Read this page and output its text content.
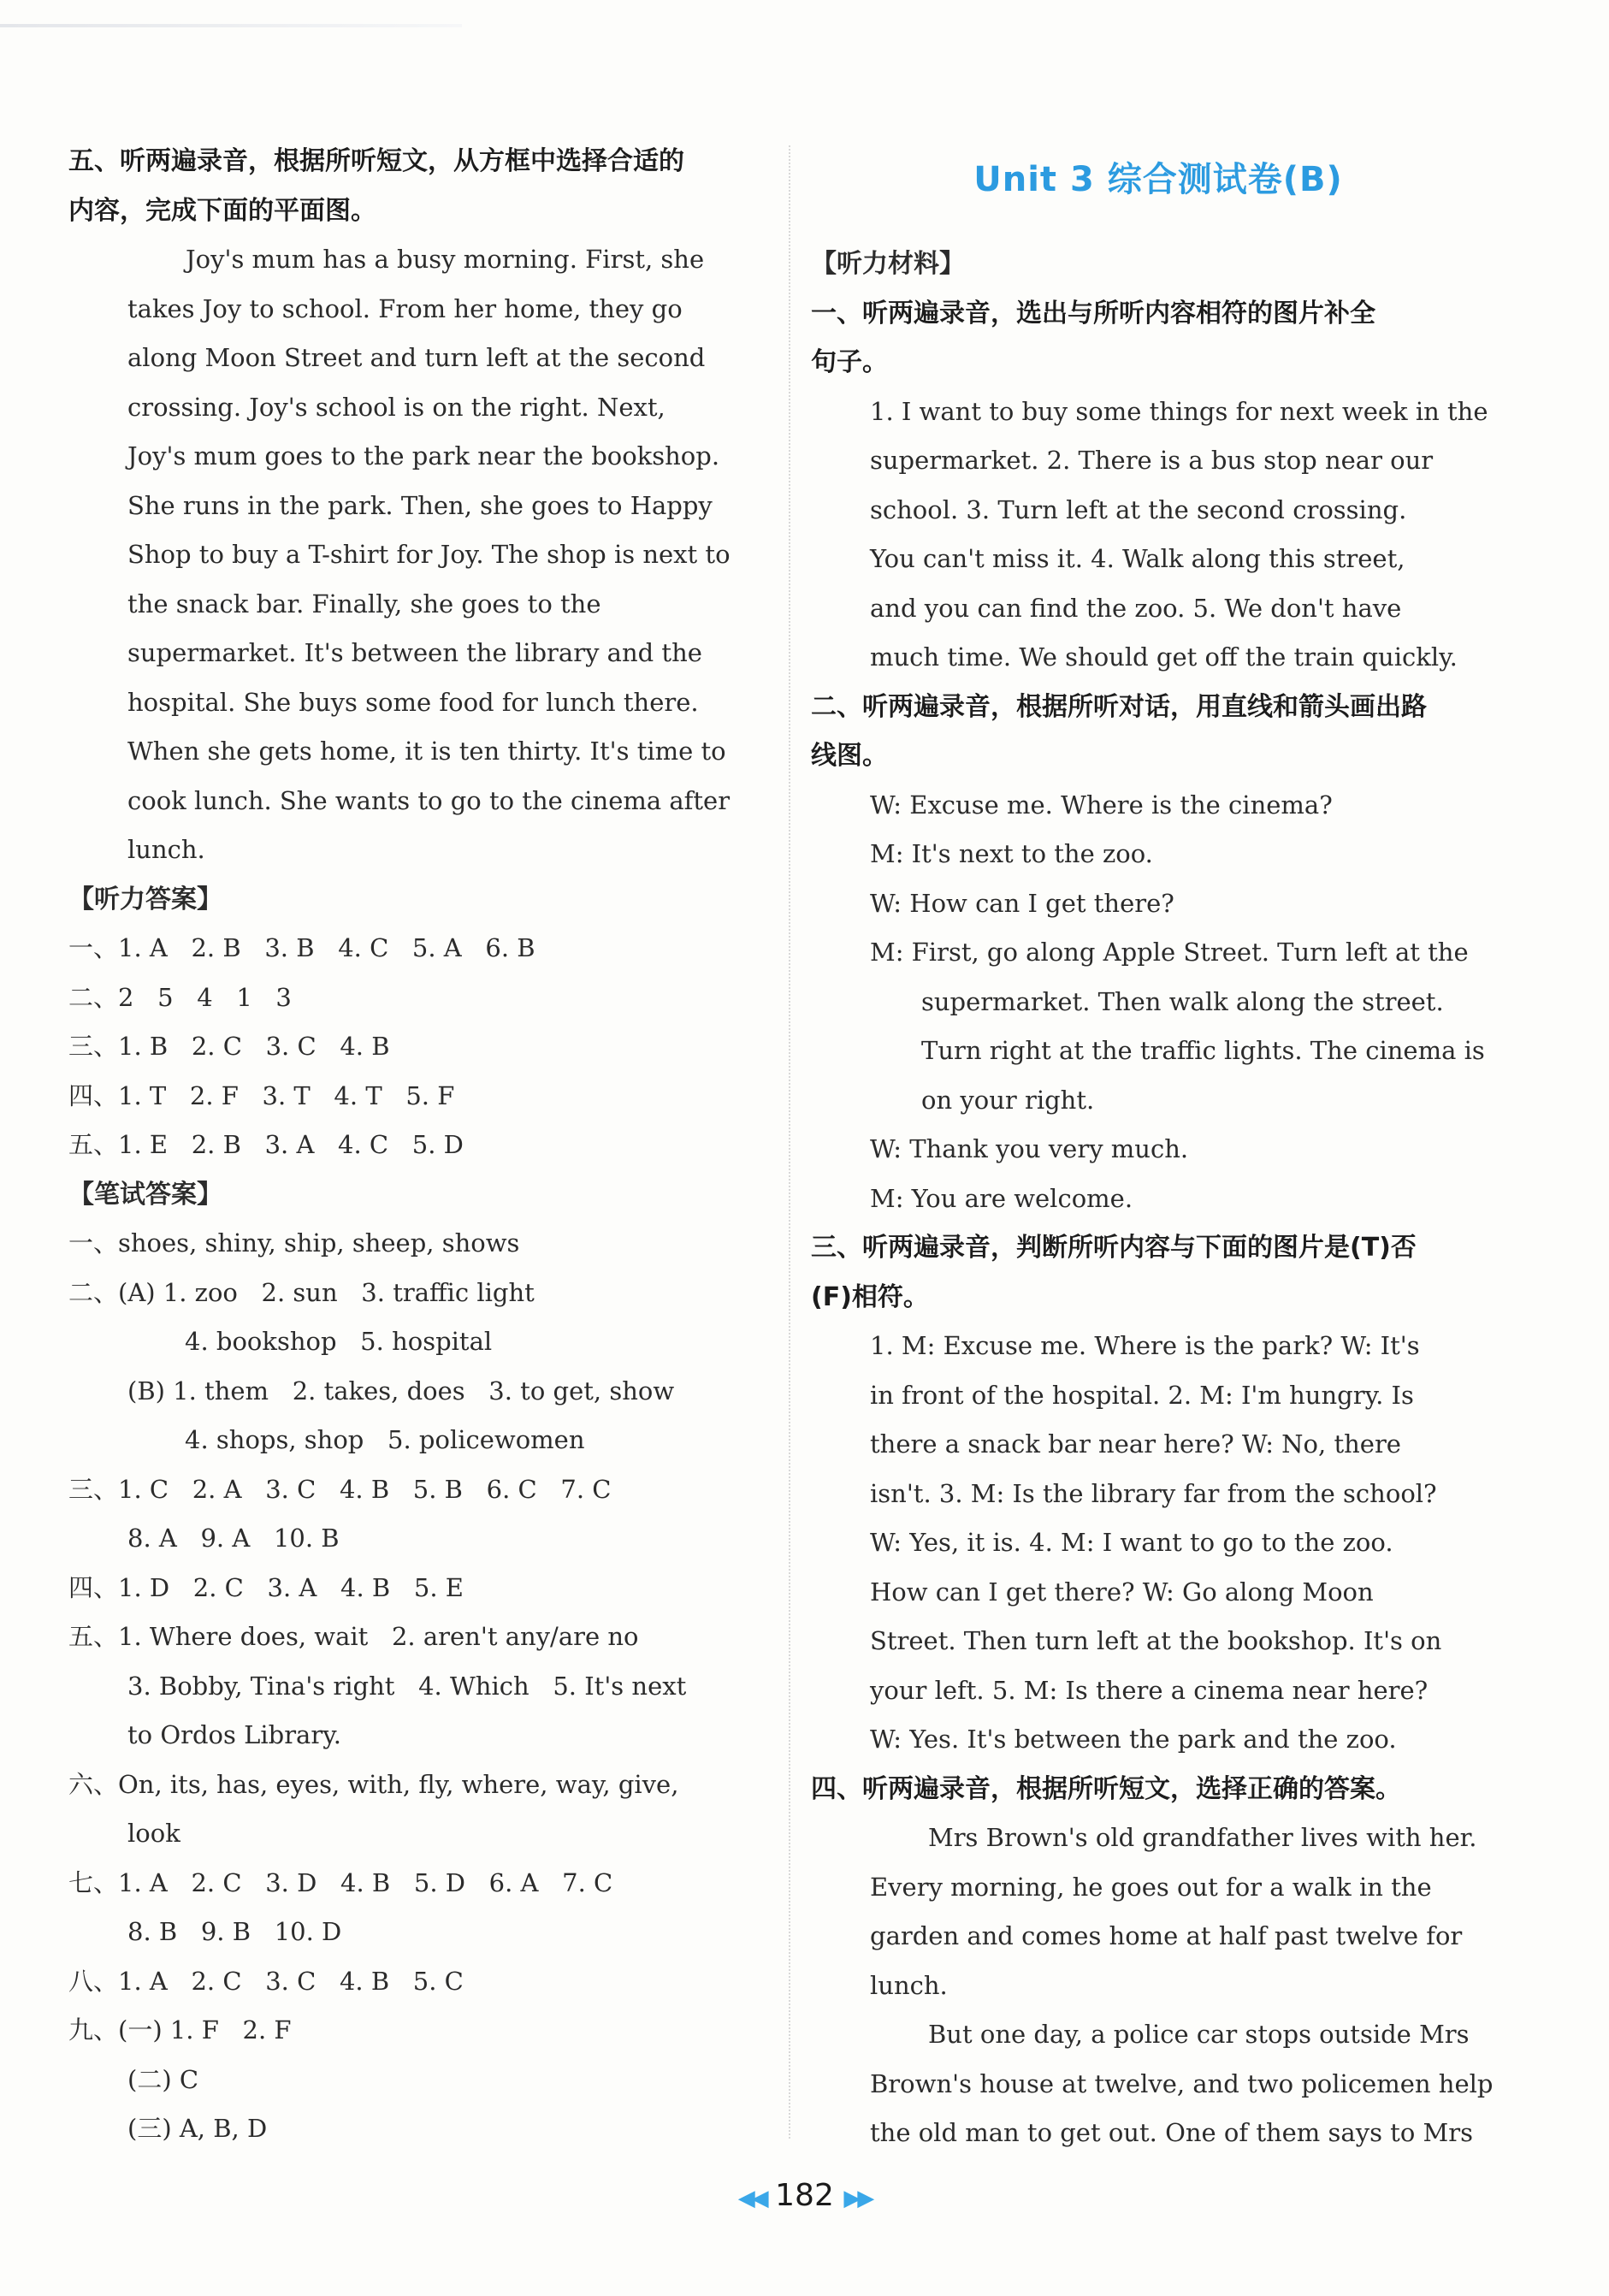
五、听两遍录音，根据所听短文，从方框中选择合适的
内容，完成下面的平面图。
Joy's mum has a busy morning. First, she
takes Joy to school. From her home, they go
along Moon Street and turn left at the second
crossing. Joy's school is on the right. Next,
Joy's mum goes to the park near the bookshop.
She runs in the park. Then, she goes to Happy
Shop to buy a T-shirt for Joy. The shop is next to
the snack bar. Finally, she goes to the
supermarket. It's between the library and the
hospital. She buys some food for lunch there.
When she gets home, it is ten thirty. It's time to
cook lunch. She wants to go to the cinema after
lunch.
【听力答案】
一、1. A   2. B   3. B   4. C   5. A   6. B
二、2   5   4   1   3
三、1. B   2. C   3. C   4. B
四、1. T   2. F   3. T   4. T   5. F
五、1. E   2. B   3. A   4. C   5. D
【笔试答案】
一、shoes, shiny, ship, sheep, shows
二、(A) 1. zoo   2. sun   3. traffic light
4. bookshop   5. hospital
(B) 1. them   2. takes, does   3. to get, show
4. shops, shop   5. policewomen
三、1. C   2. A   3. C   4. B   5. B   6. C   7. C
8. A   9. A   10. B
四、1. D   2. C   3. A   4. B   5. E
五、1. Where does, wait   2. aren't any/are no
3. Bobby, Tina's right   4. Which   5. It's next
to Ordos Library.
六、On, its, has, eyes, with, fly, where, way, give,
look
七、1. A   2. C   3. D   4. B   5. D   6. A   7. C
8. B   9. B   10. D
八、1. A   2. C   3. C   4. B   5. C
九、(一) 1. F   2. F
(二) C
(三) A, B, D
Unit 3 综合测试卷(B)
【听力材料】
一、听两遍录音，选出与所听内容相符的图片补全
句子。
1. I want to buy some things for next week in the
supermarket. 2. There is a bus stop near our
school. 3. Turn left at the second crossing.
You can't miss it. 4. Walk along this street,
and you can find the zoo. 5. We don't have
much time. We should get off the train quickly.
二、听两遍录音，根据所听对话，用直线和箭头画出路
线图。
W: Excuse me. Where is the cinema?
M: It's next to the zoo.
W: How can I get there?
M: First, go along Apple Street. Turn left at the
supermarket. Then walk along the street.
Turn right at the traffic lights. The cinema is
on your right.
W: Thank you very much.
M: You are welcome.
三、听两遍录音，判断所听内容与下面的图片是(T)否
(F)相符。
1. M: Excuse me. Where is the park? W: It's
in front of the hospital. 2. M: I'm hungry. Is
there a snack bar near here? W: No, there
isn't. 3. M: Is the library far from the school?
W: Yes, it is. 4. M: I want to go to the zoo.
How can I get there? W: Go along Moon
Street. Then turn left at the bookshop. It's on
your left. 5. M: Is there a cinema near here?
W: Yes. It's between the park and the zoo.
四、听两遍录音，根据所听短文，选择正确的答案。
Mrs Brown's old grandfather lives with her.
Every morning, he goes out for a walk in the
garden and comes home at half past twelve for
lunch.
But one day, a police car stops outside Mrs
Brown's house at twelve, and two policemen help
the old man to get out. One of them says to Mrs
◀◀ 182 ▶▶
